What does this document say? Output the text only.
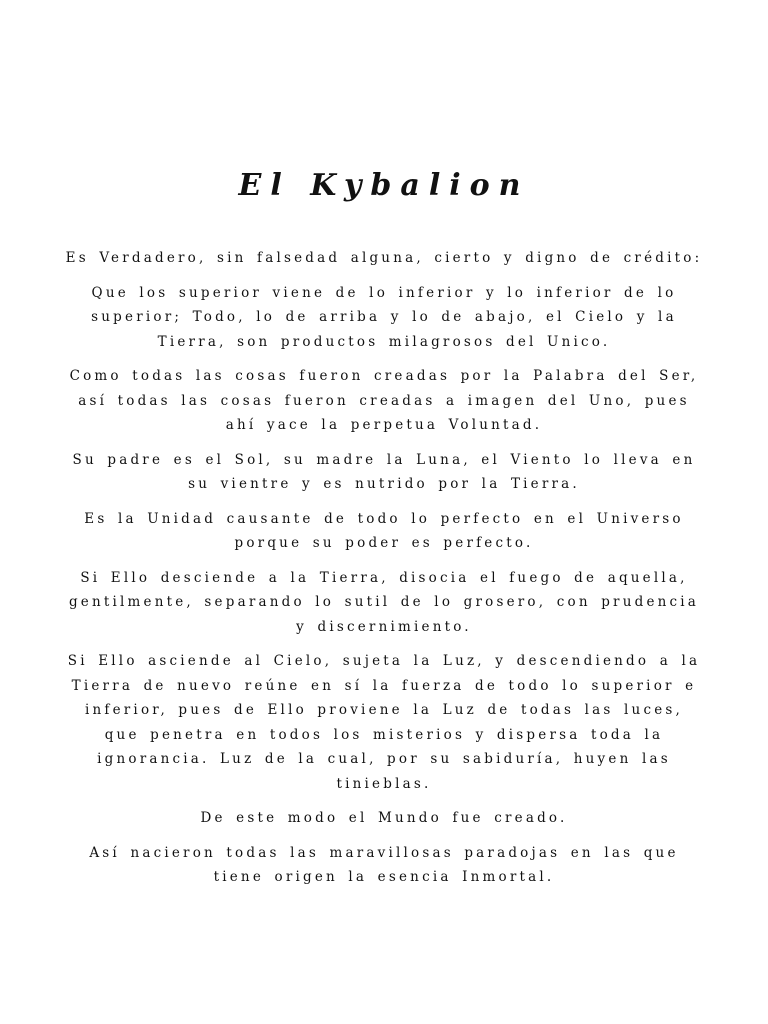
El Kybalion

Es Verdadero, sin falsedad alguna, cierto y digno de crédito:

Que los superior viene de lo inferior y lo inferior de lo superior; Todo, lo de arriba y lo de abajo, el Cielo y la Tierra, son productos milagrosos del Unico.

Como todas las cosas fueron creadas por la Palabra del Ser, así todas las cosas fueron creadas a imagen del Uno, pues ahí yace la perpetua Voluntad.

Su padre es el Sol, su madre la Luna, el Viento lo lleva en su vientre y es nutrido por la Tierra.

Es la Unidad causante de todo lo perfecto en el Universo porque su poder es perfecto.

Si Ello desciende a la Tierra, disocia el fuego de aquella, gentilmente, separando lo sutil de lo grosero, con prudencia y discernimiento.

Si Ello asciende al Cielo, sujeta la Luz, y descendiendo a la Tierra de nuevo reúne en sí la fuerza de todo lo superior e inferior, pues de Ello proviene la Luz de todas las luces, que penetra en todos los misterios y dispersa toda la ignorancia. Luz de la cual, por su sabiduría, huyen las tinieblas.

De este modo el Mundo fue creado.

Así nacieron todas las maravillosas paradojas en las que tiene origen la esencia Inmortal.
